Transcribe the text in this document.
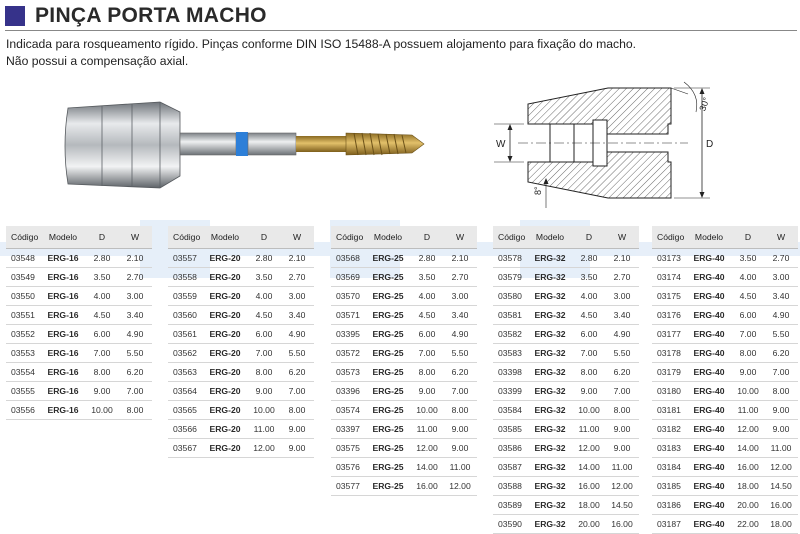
PINÇA PORTA MACHO
Indicada para rosqueamento rígido. Pinças conforme DIN ISO 15488-A possuem alojamento para fixação do macho.
Não possui a compensação axial.
W	D
30°
8°
Código	Modelo	D	W
03548	ERG-16	2.80	2.10
03549	ERG-16	3.50	2.70
03550	ERG-16	4.00	3.00
03551	ERG-16	4.50	3.40
03552	ERG-16	6.00	4.90
03553	ERG-16	7.00	5.50
03554	ERG-16	8.00	6.20
03555	ERG-16	9.00	7.00
03556	ERG-16	10.00	8.00
Código	Modelo	D	W
03557	ERG-20	2.80	2.10
03558	ERG-20	3.50	2.70
03559	ERG-20	4.00	3.00
03560	ERG-20	4.50	3.40
03561	ERG-20	6.00	4.90
03562	ERG-20	7.00	5.50
03563	ERG-20	8.00	6.20
03564	ERG-20	9.00	7.00
03565	ERG-20	10.00	8.00
03566	ERG-20	11.00	9.00
03567	ERG-20	12.00	9.00
Código	Modelo	D	W
03568	ERG-25	2.80	2.10
03569	ERG-25	3.50	2.70
03570	ERG-25	4.00	3.00
03571	ERG-25	4.50	3.40
03395	ERG-25	6.00	4.90
03572	ERG-25	7.00	5.50
03573	ERG-25	8.00	6.20
03396	ERG-25	9.00	7.00
03574	ERG-25	10.00	8.00
03397	ERG-25	11.00	9.00
03575	ERG-25	12.00	9.00
03576	ERG-25	14.00	11.00
03577	ERG-25	16.00	12.00
Código	Modelo	D	W
03578	ERG-32	2.80	2.10
03579	ERG-32	3.50	2.70
03580	ERG-32	4.00	3.00
03581	ERG-32	4.50	3.40
03582	ERG-32	6.00	4.90
03583	ERG-32	7.00	5.50
03398	ERG-32	8.00	6.20
03399	ERG-32	9.00	7.00
03584	ERG-32	10.00	8.00
03585	ERG-32	11.00	9.00
03586	ERG-32	12.00	9.00
03587	ERG-32	14.00	11.00
03588	ERG-32	16.00	12.00
03589	ERG-32	18.00	14.50
03590	ERG-32	20.00	16.00
Código	Modelo	D	W
03173	ERG-40	3.50	2.70
03174	ERG-40	4.00	3.00
03175	ERG-40	4.50	3.40
03176	ERG-40	6.00	4.90
03177	ERG-40	7.00	5.50
03178	ERG-40	8.00	6.20
03179	ERG-40	9.00	7.00
03180	ERG-40	10.00	8.00
03181	ERG-40	11.00	9.00
03182	ERG-40	12.00	9.00
03183	ERG-40	14.00	11.00
03184	ERG-40	16.00	12.00
03185	ERG-40	18.00	14.50
03186	ERG-40	20.00	16.00
03187	ERG-40	22.00	18.00
